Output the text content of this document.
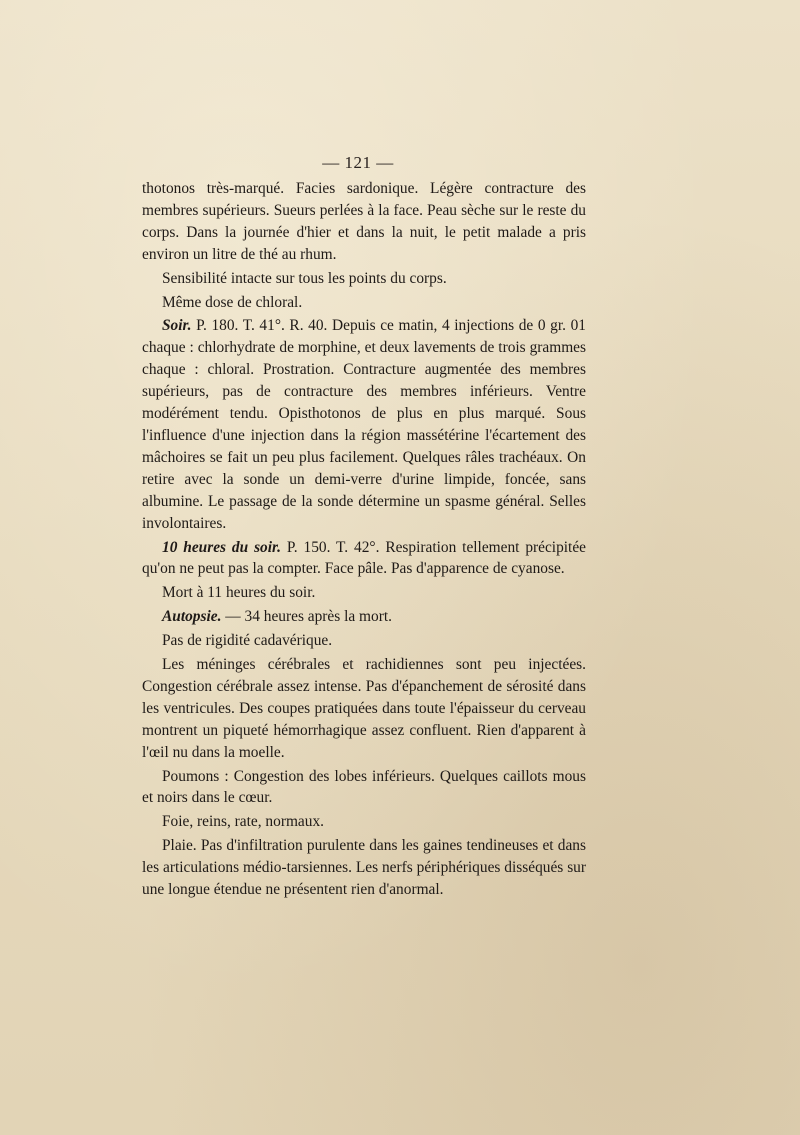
— 121 —

thotonos très-marqué. Facies sardonique. Légère contracture des membres supérieurs. Sueurs perlées à la face. Peau sèche sur le reste du corps. Dans la journée d'hier et dans la nuit, le petit malade a pris environ un litre de thé au rhum.

Sensibilité intacte sur tous les points du corps.

Même dose de chloral.

Soir. P. 180. T. 41°. R. 40. Depuis ce matin, 4 injections de 0 gr. 01 chaque : chlorhydrate de morphine, et deux lavements de trois grammes chaque : chloral. Prostration. Contracture augmentée des membres supérieurs, pas de contracture des membres inférieurs. Ventre modérément tendu. Opisthotonos de plus en plus marqué. Sous l'influence d'une injection dans la région massétérine l'écartement des mâchoires se fait un peu plus facilement. Quelques râles trachéaux. On retire avec la sonde un demi-verre d'urine limpide, foncée, sans albumine. Le passage de la sonde détermine un spasme général. Selles involontaires.

10 heures du soir. P. 150. T. 42°. Respiration tellement précipitée qu'on ne peut pas la compter. Face pâle. Pas d'apparence de cyanose.

Mort à 11 heures du soir.

Autopsie. — 34 heures après la mort.

Pas de rigidité cadavérique.

Les méninges cérébrales et rachidiennes sont peu injectées. Congestion cérébrale assez intense. Pas d'épanchement de sérosité dans les ventricules. Des coupes pratiquées dans toute l'épaisseur du cerveau montrent un piqueté hémorrhagique assez confluent. Rien d'apparent à l'œil nu dans la moelle.

Poumons : Congestion des lobes inférieurs. Quelques caillots mous et noirs dans le cœur.

Foie, reins, rate, normaux.

Plaie. Pas d'infiltration purulente dans les gaines tendineuses et dans les articulations médio-tarsiennes. Les nerfs périphériques disséqués sur une longue étendue ne présentent rien d'anormal.
